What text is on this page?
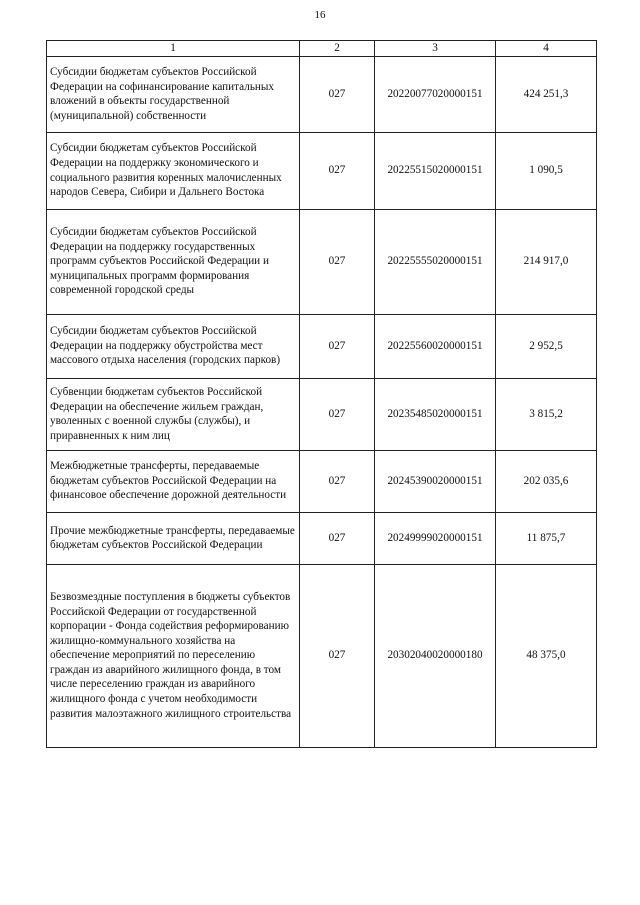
16
1	2	3	4
Субсидии бюджетам субъектов Российской Федерации на софинансирование капитальных вложений в объекты государственной (муниципальной) собственности	027	20220077020000151	424 251,3
Субсидии бюджетам субъектов Российской Федерации на поддержку экономического и социального развития коренных малочисленных народов Севера, Сибири и Дальнего Востока	027	20225515020000151	1 090,5
Субсидии бюджетам субъектов Российской Федерации на поддержку государственных программ субъектов Российской Федерации и муниципальных программ формирования современной городской среды	027	20225555020000151	214 917,0
Субсидии бюджетам субъектов Российской Федерации на поддержку обустройства мест массового отдыха населения (городских парков)	027	20225560020000151	2 952,5
Субвенции бюджетам субъектов Российской Федерации на обеспечение жильем граждан, уволенных с военной службы (службы), и приравненных к ним лиц	027	20235485020000151	3 815,2
Межбюджетные трансферты, передаваемые бюджетам субъектов Российской Федерации на финансовое обеспечение дорожной деятельности	027	20245390020000151	202 035,6
Прочие межбюджетные трансферты, передаваемые бюджетам субъектов Российской Федерации	027	20249999020000151	11 875,7
Безвозмездные поступления в бюджеты субъектов Российской Федерации от государственной корпорации - Фонда содействия реформированию жилищно-коммунального хозяйства на обеспечение мероприятий по переселению граждан из аварийного жилищного фонда, в том числе переселению граждан из аварийного жилищного фонда с учетом необходимости развития малоэтажного жилищного строительства	027	20302040020000180	48 375,0
